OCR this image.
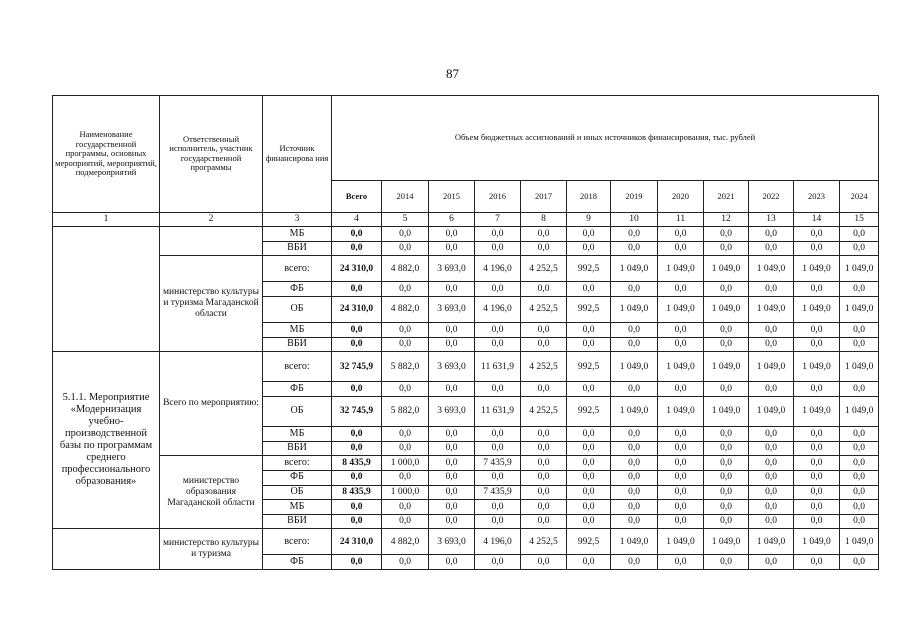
87
Наименование государственной программы, основных мероприятий, мероприятий, подмероприятий	Ответственный исполнитель, участник государственной программы	Источник финансирова ния	Объем бюджетных ассигнований и иных источников финансирования, тыс. рублей											
			Всего	2014	2015	2016	2017	2018	2019	2020	2021	2022	2023	2024
1	2	3	4	5	6	7	8	9	10	11	12	13	14	15
		МБ	0,0	0,0	0,0	0,0	0,0	0,0	0,0	0,0	0,0	0,0	0,0	0,0
		ВБИ	0,0	0,0	0,0	0,0	0,0	0,0	0,0	0,0	0,0	0,0	0,0	0,0
	министерство культуры и туризма Магаданской области	всего:	24 310,0	4 882,0	3 693,0	4 196,0	4 252,5	992,5	1 049,0	1 049,0	1 049,0	1 049,0	1 049,0	1 049,0
		ФБ	0,0	0,0	0,0	0,0	0,0	0,0	0,0	0,0	0,0	0,0	0,0	0,0
		ОБ	24 310,0	4 882,0	3 693,0	4 196,0	4 252,5	992,5	1 049,0	1 049,0	1 049,0	1 049,0	1 049,0	1 049,0
		МБ	0,0	0,0	0,0	0,0	0,0	0,0	0,0	0,0	0,0	0,0	0,0	0,0
		ВБИ	0,0	0,0	0,0	0,0	0,0	0,0	0,0	0,0	0,0	0,0	0,0	0,0
5.1.1. Мероприятие «Модернизация учебно-производственной базы по программам среднего профессионального образования»	Всего по мероприятию:	всего:	32 745,9	5 882,0	3 693,0	11 631,9	4 252,5	992,5	1 049,0	1 049,0	1 049,0	1 049,0	1 049,0	1 049,0
		ФБ	0,0	0,0	0,0	0,0	0,0	0,0	0,0	0,0	0,0	0,0	0,0	0,0
		ОБ	32 745,9	5 882,0	3 693,0	11 631,9	4 252,5	992,5	1 049,0	1 049,0	1 049,0	1 049,0	1 049,0	1 049,0
		МБ	0,0	0,0	0,0	0,0	0,0	0,0	0,0	0,0	0,0	0,0	0,0	0,0
		ВБИ	0,0	0,0	0,0	0,0	0,0	0,0	0,0	0,0	0,0	0,0	0,0	0,0
	министерство образования Магаданской области	всего:	8 435,9	1 000,0	0,0	7 435,9	0,0	0,0	0,0	0,0	0,0	0,0	0,0	0,0
		ФБ	0,0	0,0	0,0	0,0	0,0	0,0	0,0	0,0	0,0	0,0	0,0	0,0
		ОБ	8 435,9	1 000,0	0,0	7 435,9	0,0	0,0	0,0	0,0	0,0	0,0	0,0	0,0
		МБ	0,0	0,0	0,0	0,0	0,0	0,0	0,0	0,0	0,0	0,0	0,0	0,0
		ВБИ	0,0	0,0	0,0	0,0	0,0	0,0	0,0	0,0	0,0	0,0	0,0	0,0
	министерство культуры и туризма	всего:	24 310,0	4 882,0	3 693,0	4 196,0	4 252,5	992,5	1 049,0	1 049,0	1 049,0	1 049,0	1 049,0	1 049,0
		ФБ	0,0	0,0	0,0	0,0	0,0	0,0	0,0	0,0	0,0	0,0	0,0	0,0
